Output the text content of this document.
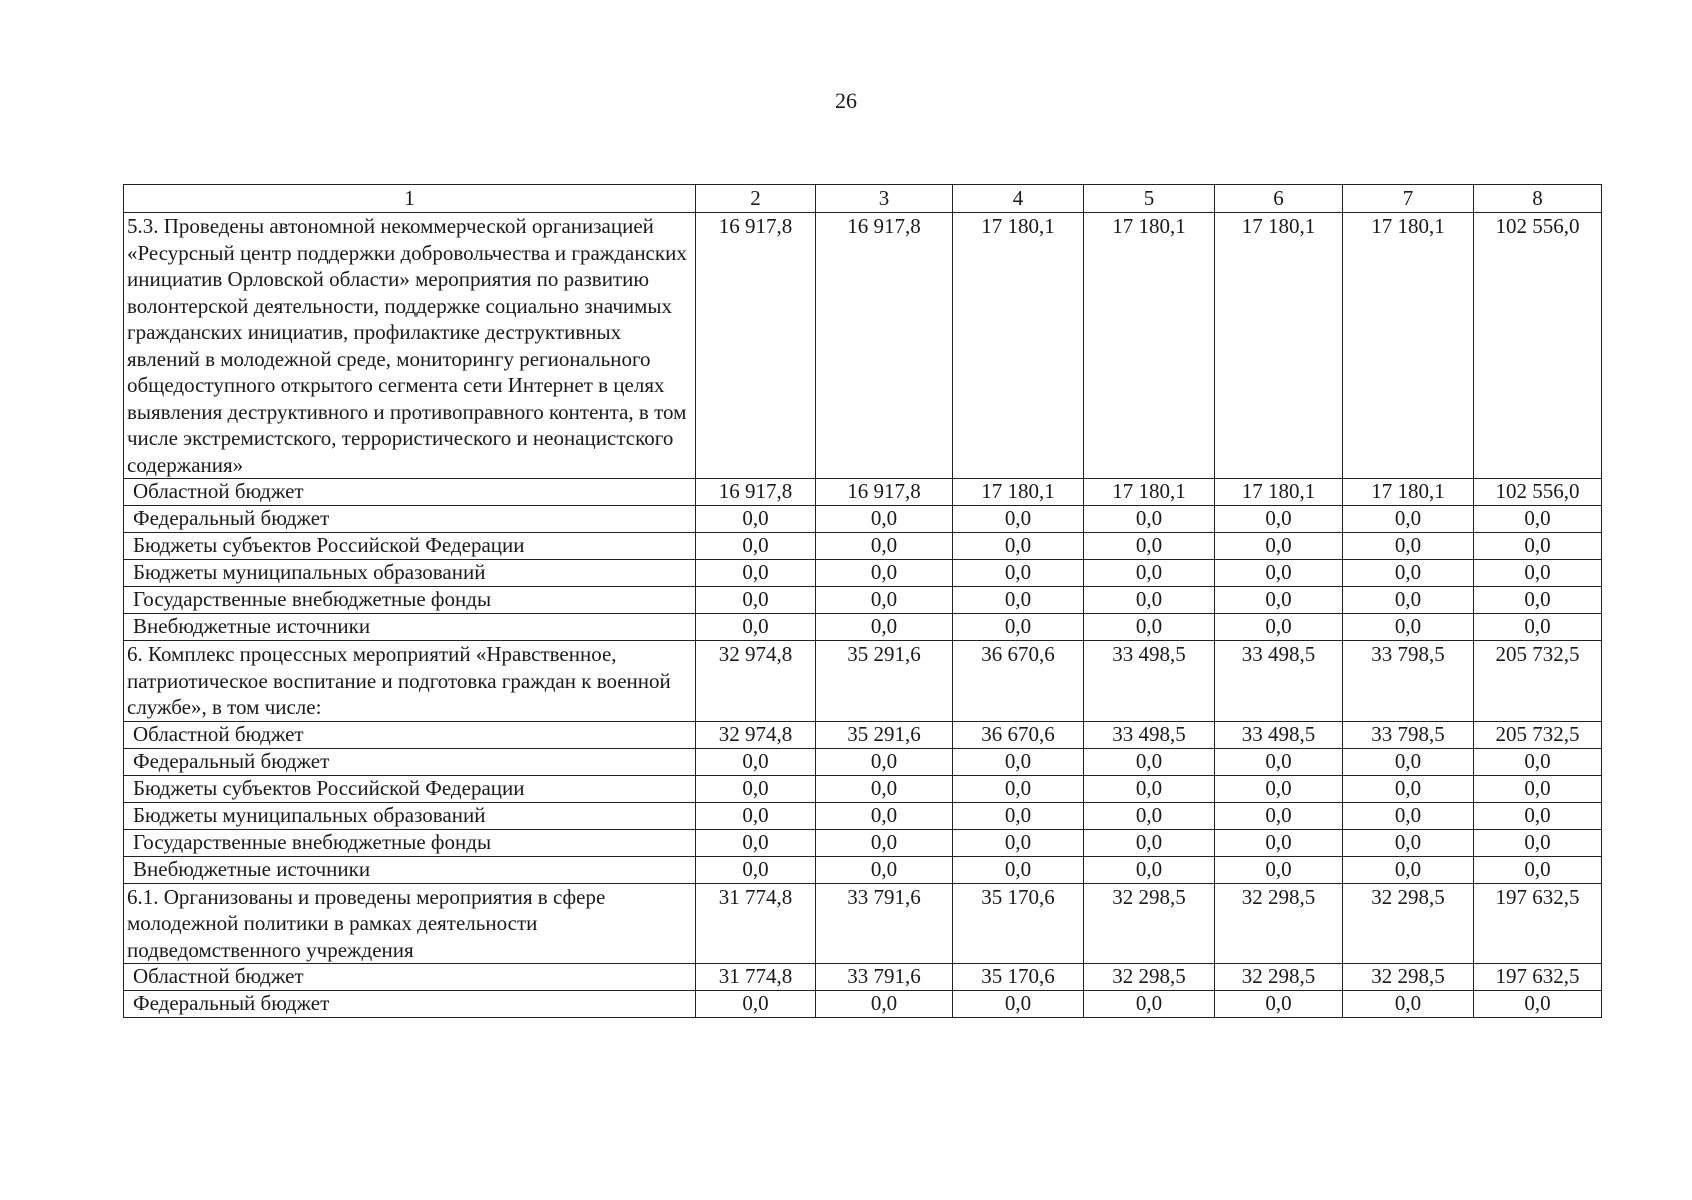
26
1	2	3	4	5	6	7	8
5.3. Проведены автономной некоммерческой организацией «Ресурсный центр поддержки добровольчества и гражданских инициатив Орловской области» мероприятия по развитию волонтерской деятельности, поддержке социально значимых гражданских инициатив, профилактике деструктивных явлений в молодежной среде, мониторингу регионального общедоступного открытого сегмента сети Интернет в целях выявления деструктивного и противоправного контента, в том числе экстремистского, террористического и неонацистского содержания»	16 917,8	16 917,8	17 180,1	17 180,1	17 180,1	17 180,1	102 556,0
Областной бюджет	16 917,8	16 917,8	17 180,1	17 180,1	17 180,1	17 180,1	102 556,0
Федеральный бюджет	0,0	0,0	0,0	0,0	0,0	0,0	0,0
Бюджеты субъектов Российской Федерации	0,0	0,0	0,0	0,0	0,0	0,0	0,0
Бюджеты муниципальных образований	0,0	0,0	0,0	0,0	0,0	0,0	0,0
Государственные внебюджетные фонды	0,0	0,0	0,0	0,0	0,0	0,0	0,0
Внебюджетные источники	0,0	0,0	0,0	0,0	0,0	0,0	0,0
6. Комплекс процессных мероприятий «Нравственное, патриотическое воспитание и подготовка граждан к военной службе», в том числе:	32 974,8	35 291,6	36 670,6	33 498,5	33 498,5	33 798,5	205 732,5
Областной бюджет	32 974,8	35 291,6	36 670,6	33 498,5	33 498,5	33 798,5	205 732,5
Федеральный бюджет	0,0	0,0	0,0	0,0	0,0	0,0	0,0
Бюджеты субъектов Российской Федерации	0,0	0,0	0,0	0,0	0,0	0,0	0,0
Бюджеты муниципальных образований	0,0	0,0	0,0	0,0	0,0	0,0	0,0
Государственные внебюджетные фонды	0,0	0,0	0,0	0,0	0,0	0,0	0,0
Внебюджетные источники	0,0	0,0	0,0	0,0	0,0	0,0	0,0
6.1. Организованы и проведены мероприятия в сфере молодежной политики в рамках деятельности подведомственного учреждения	31 774,8	33 791,6	35 170,6	32 298,5	32 298,5	32 298,5	197 632,5
Областной бюджет	31 774,8	33 791,6	35 170,6	32 298,5	32 298,5	32 298,5	197 632,5
Федеральный бюджет	0,0	0,0	0,0	0,0	0,0	0,0	0,0
